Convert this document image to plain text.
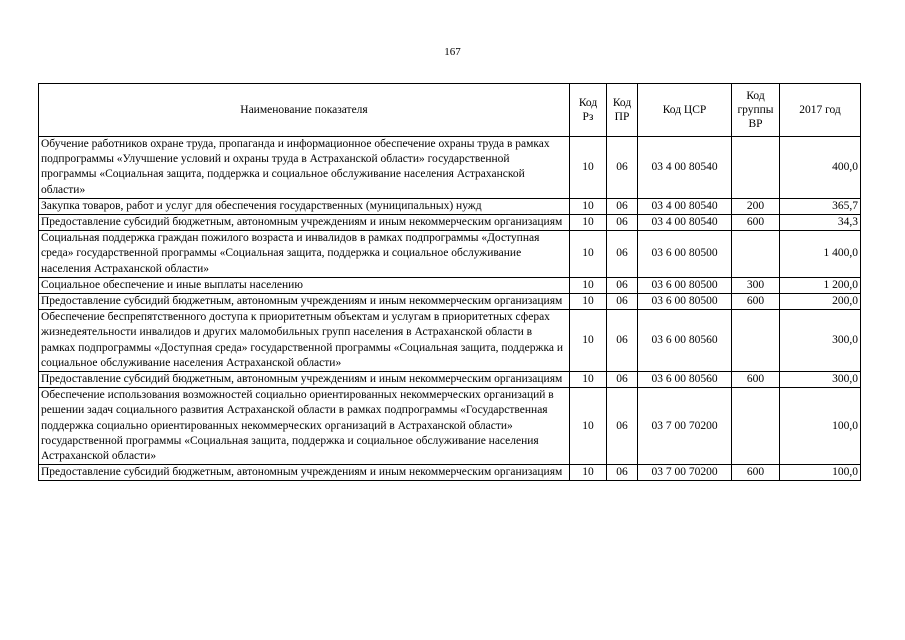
167
Наименование показателя	Код Рз	Код ПР	Код ЦСР	Код группы ВР	2017 год
Обучение работников охране труда, пропаганда и информационное обеспечение охраны труда в рамках подпрограммы «Улучшение условий и охраны труда в Астраханской области» государственной программы «Социальная защита, поддержка и социальное обслуживание населения Астраханской области»	10	06	03 4 00 80540		400,0
Закупка товаров, работ и услуг для обеспечения государственных (муниципальных) нужд	10	06	03 4 00 80540	200	365,7
Предоставление субсидий бюджетным, автономным учреждениям и иным некоммерческим организациям	10	06	03 4 00 80540	600	34,3
Социальная поддержка граждан пожилого возраста и инвалидов в рамках подпрограммы «Доступная среда» государственной программы «Социальная защита, поддержка и социальное обслуживание населения Астраханской области»	10	06	03 6 00 80500		1 400,0
Социальное обеспечение и иные выплаты населению	10	06	03 6 00 80500	300	1 200,0
Предоставление субсидий бюджетным, автономным учреждениям и иным некоммерческим организациям	10	06	03 6 00 80500	600	200,0
Обеспечение беспрепятственного доступа к приоритетным объектам и услугам в приоритетных сферах жизнедеятельности инвалидов и других маломобильных групп населения в Астраханской области в рамках подпрограммы «Доступная среда» государственной программы «Социальная защита, поддержка и социальное обслуживание населения Астраханской области»	10	06	03 6 00 80560		300,0
Предоставление субсидий бюджетным, автономным учреждениям и иным некоммерческим организациям	10	06	03 6 00 80560	600	300,0
Обеспечение использования возможностей социально ориентированных некоммерческих организаций в решении задач социального развития Астраханской области в рамках подпрограммы «Государственная поддержка социально ориентированных некоммерческих организаций в Астраханской области» государственной программы «Социальная защита, поддержка и социальное обслуживание населения Астраханской области»	10	06	03 7 00 70200		100,0
Предоставление субсидий бюджетным, автономным учреждениям и иным некоммерческим организациям	10	06	03 7 00 70200	600	100,0
